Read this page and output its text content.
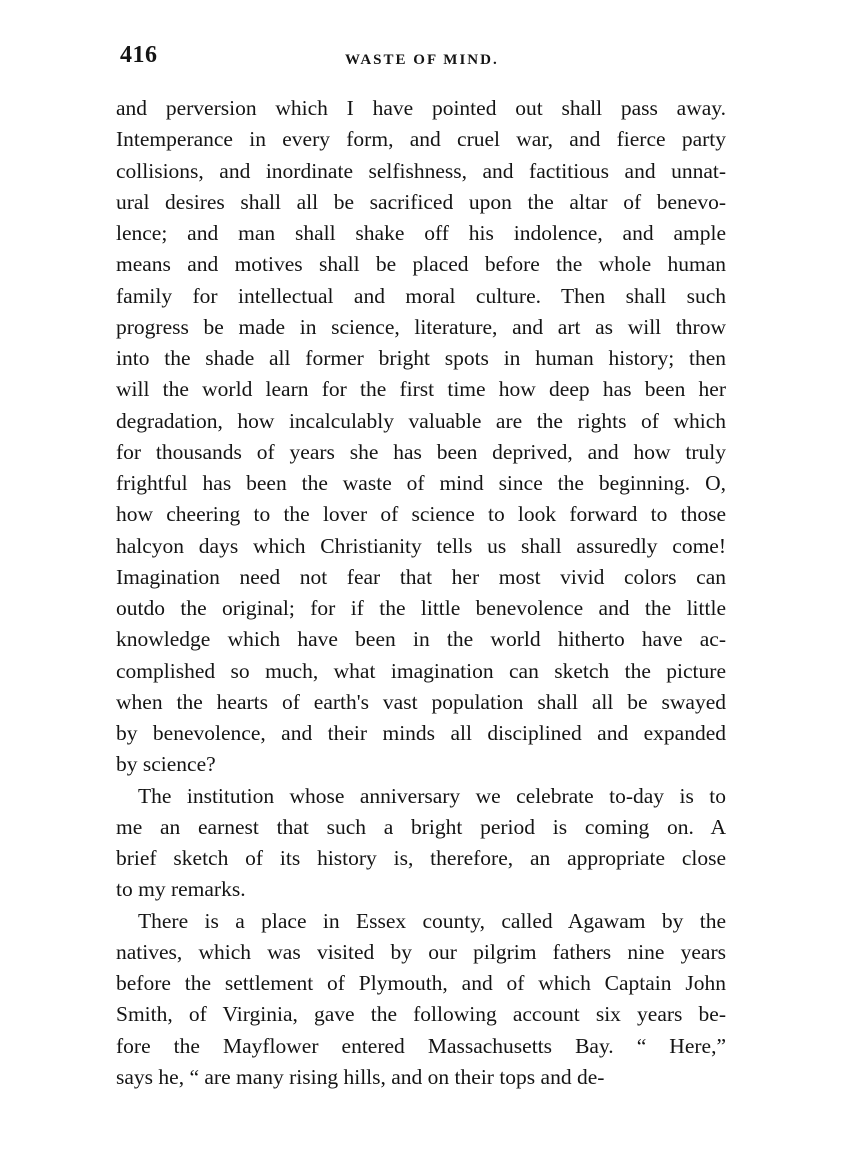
416	WASTE OF MIND.
and perversion which I have pointed out shall pass away.
Intemperance in every form, and cruel war, and fierce party
collisions, and inordinate selfishness, and factitious and unnat-
ural desires shall all be sacrificed upon the altar of benevo-
lence; and man shall shake off his indolence, and ample
means and motives shall be placed before the whole human
family for intellectual and moral culture. Then shall such
progress be made in science, literature, and art as will throw
into the shade all former bright spots in human history; then
will the world learn for the first time how deep has been her
degradation, how incalculably valuable are the rights of which
for thousands of years she has been deprived, and how truly
frightful has been the waste of mind since the beginning. O,
how cheering to the lover of science to look forward to those
halcyon days which Christianity tells us shall assuredly come!
Imagination need not fear that her most vivid colors can
outdo the original; for if the little benevolence and the little
knowledge which have been in the world hitherto have ac-
complished so much, what imagination can sketch the picture
when the hearts of earth's vast population shall all be swayed
by benevolence, and their minds all disciplined and expanded
by science?
The institution whose anniversary we celebrate to-day is to
me an earnest that such a bright period is coming on. A
brief sketch of its history is, therefore, an appropriate close
to my remarks.
There is a place in Essex county, called Agawam by the
natives, which was visited by our pilgrim fathers nine years
before the settlement of Plymouth, and of which Captain John
Smith, of Virginia, gave the following account six years be-
fore the Mayflower entered Massachusetts Bay. “ Here,”
says he, “ are many rising hills, and on their tops and de-
